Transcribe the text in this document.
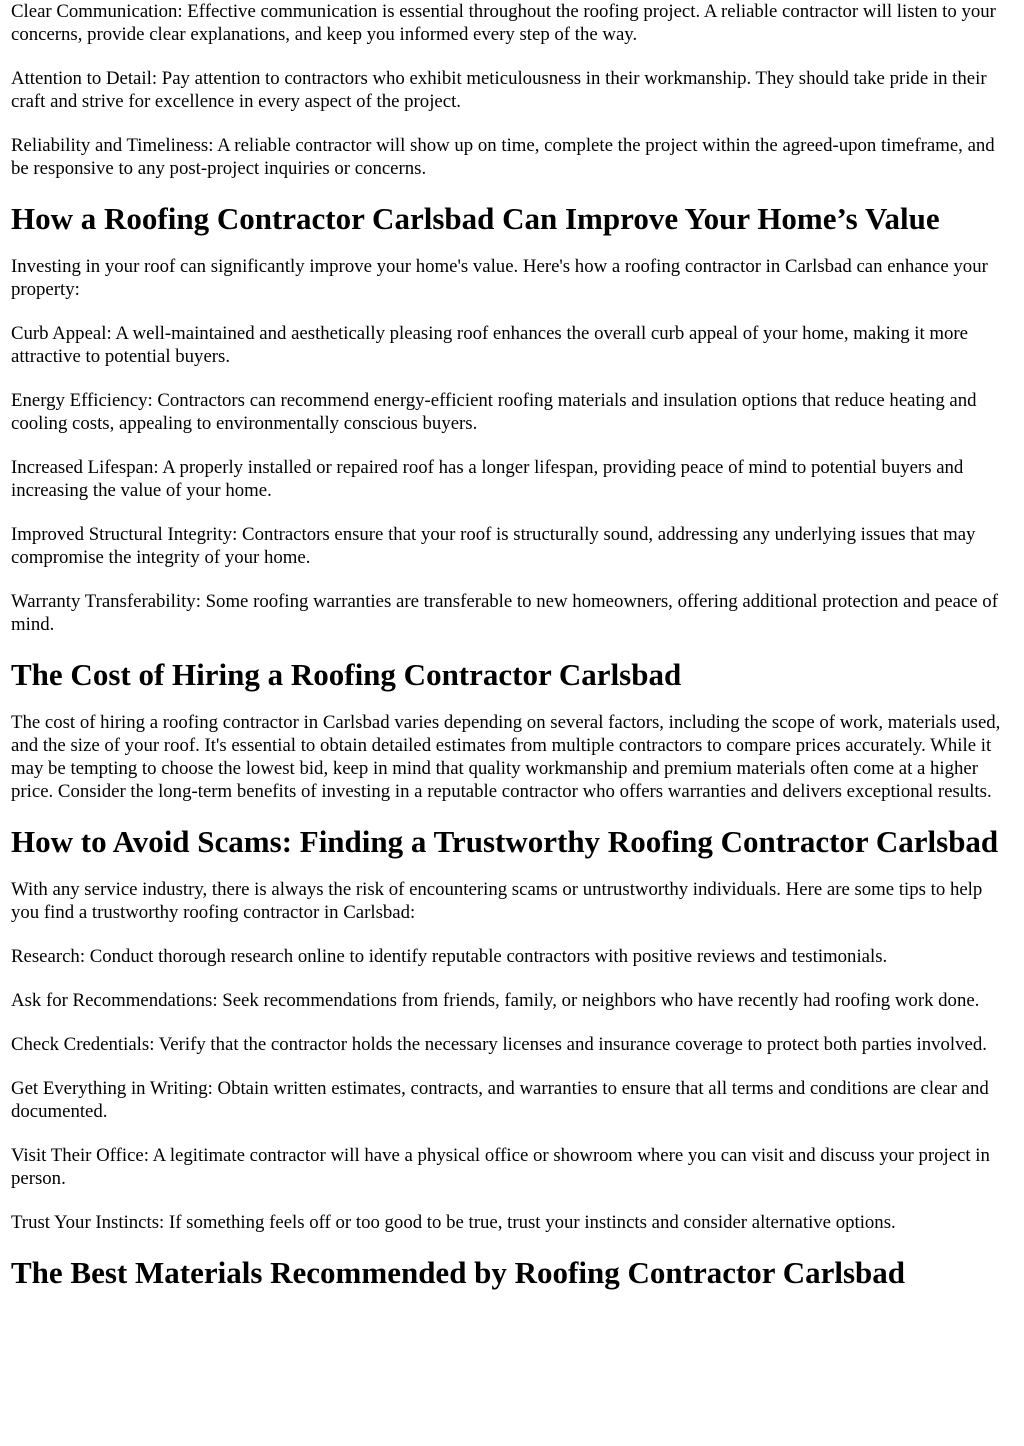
Clear Communication: Effective communication is essential throughout the roofing project. A reliable contractor will listen to your concerns, provide clear explanations, and keep you informed every step of the way.

Attention to Detail: Pay attention to contractors who exhibit meticulousness in their workmanship. They should take pride in their craft and strive for excellence in every aspect of the project.

Reliability and Timeliness: A reliable contractor will show up on time, complete the project within the agreed-upon timeframe, and be responsive to any post-project inquiries or concerns.

How a Roofing Contractor Carlsbad Can Improve Your Home’s Value

Investing in your roof can significantly improve your home's value. Here's how a roofing contractor in Carlsbad can enhance your property:

Curb Appeal: A well-maintained and aesthetically pleasing roof enhances the overall curb appeal of your home, making it more attractive to potential buyers.

Energy Efficiency: Contractors can recommend energy-efficient roofing materials and insulation options that reduce heating and cooling costs, appealing to environmentally conscious buyers.

Increased Lifespan: A properly installed or repaired roof has a longer lifespan, providing peace of mind to potential buyers and increasing the value of your home.

Improved Structural Integrity: Contractors ensure that your roof is structurally sound, addressing any underlying issues that may compromise the integrity of your home.

Warranty Transferability: Some roofing warranties are transferable to new homeowners, offering additional protection and peace of mind.

The Cost of Hiring a Roofing Contractor Carlsbad

The cost of hiring a roofing contractor in Carlsbad varies depending on several factors, including the scope of work, materials used, and the size of your roof. It's essential to obtain detailed estimates from multiple contractors to compare prices accurately. While it may be tempting to choose the lowest bid, keep in mind that quality workmanship and premium materials often come at a higher price. Consider the long-term benefits of investing in a reputable contractor who offers warranties and delivers exceptional results.

How to Avoid Scams: Finding a Trustworthy Roofing Contractor Carlsbad

With any service industry, there is always the risk of encountering scams or untrustworthy individuals. Here are some tips to help you find a trustworthy roofing contractor in Carlsbad:

Research: Conduct thorough research online to identify reputable contractors with positive reviews and testimonials.

Ask for Recommendations: Seek recommendations from friends, family, or neighbors who have recently had roofing work done.

Check Credentials: Verify that the contractor holds the necessary licenses and insurance coverage to protect both parties involved.

Get Everything in Writing: Obtain written estimates, contracts, and warranties to ensure that all terms and conditions are clear and documented.

Visit Their Office: A legitimate contractor will have a physical office or showroom where you can visit and discuss your project in person.

Trust Your Instincts: If something feels off or too good to be true, trust your instincts and consider alternative options.

The Best Materials Recommended by Roofing Contractor Carlsbad
